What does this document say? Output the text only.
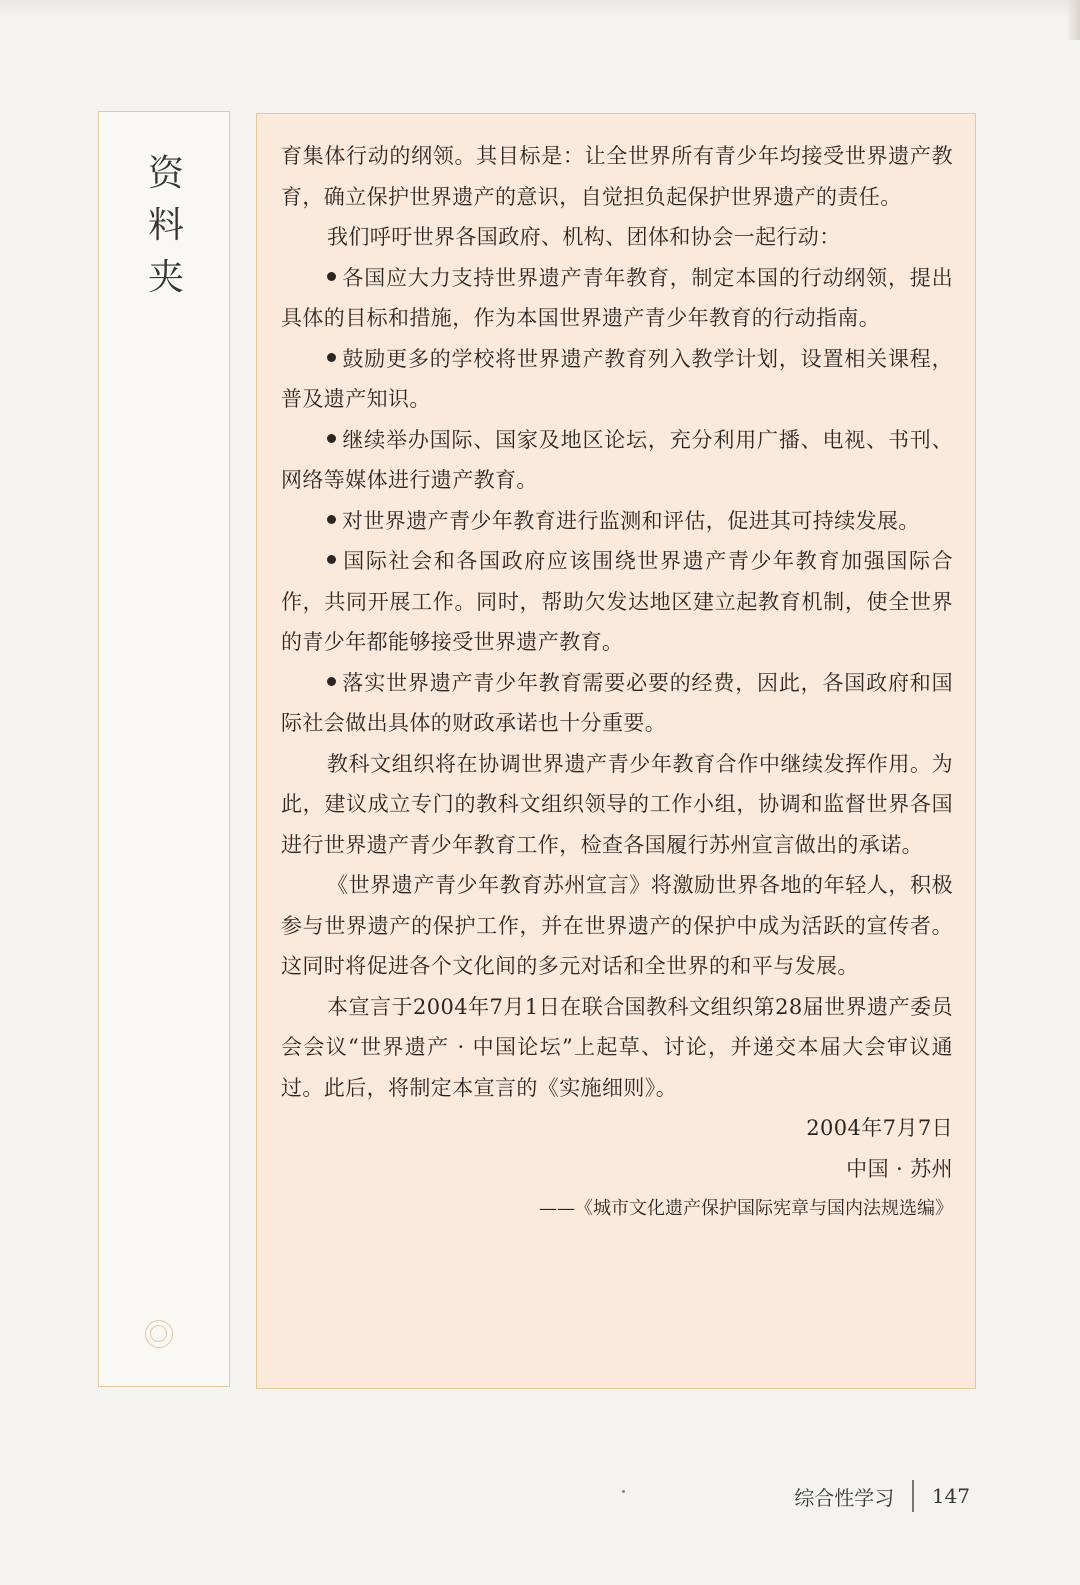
资
料
夹

育集体行动的纲领。其目标是：让全世界所有青少年均接受世界遗产教育，确立保护世界遗产的意识，自觉担负起保护世界遗产的责任。

我们呼吁世界各国政府、机构、团体和协会一起行动：

各国应大力支持世界遗产青年教育，制定本国的行动纲领，提出具体的目标和措施，作为本国世界遗产青少年教育的行动指南。

鼓励更多的学校将世界遗产教育列入教学计划，设置相关课程，普及遗产知识。

继续举办国际、国家及地区论坛，充分利用广播、电视、书刊、网络等媒体进行遗产教育。

对世界遗产青少年教育进行监测和评估，促进其可持续发展。

国际社会和各国政府应该围绕世界遗产青少年教育加强国际合作，共同开展工作。同时，帮助欠发达地区建立起教育机制，使全世界的青少年都能够接受世界遗产教育。

落实世界遗产青少年教育需要必要的经费，因此，各国政府和国际社会做出具体的财政承诺也十分重要。

教科文组织将在协调世界遗产青少年教育合作中继续发挥作用。为此，建议成立专门的教科文组织领导的工作小组，协调和监督世界各国进行世界遗产青少年教育工作，检查各国履行苏州宣言做出的承诺。

《世界遗产青少年教育苏州宣言》将激励世界各地的年轻人，积极参与世界遗产的保护工作，并在世界遗产的保护中成为活跃的宣传者。这同时将促进各个文化间的多元对话和全世界的和平与发展。

本宣言于2004年7月1日在联合国教科文组织第28届世界遗产委员会会议“世界遗产 · 中国论坛”上起草、讨论，并递交本届大会审议通过。此后，将制定本宣言的《实施细则》。

2004年7月7日

中国 · 苏州

——《城市文化遗产保护国际宪章与国内法规选编》

综合性学习 147
